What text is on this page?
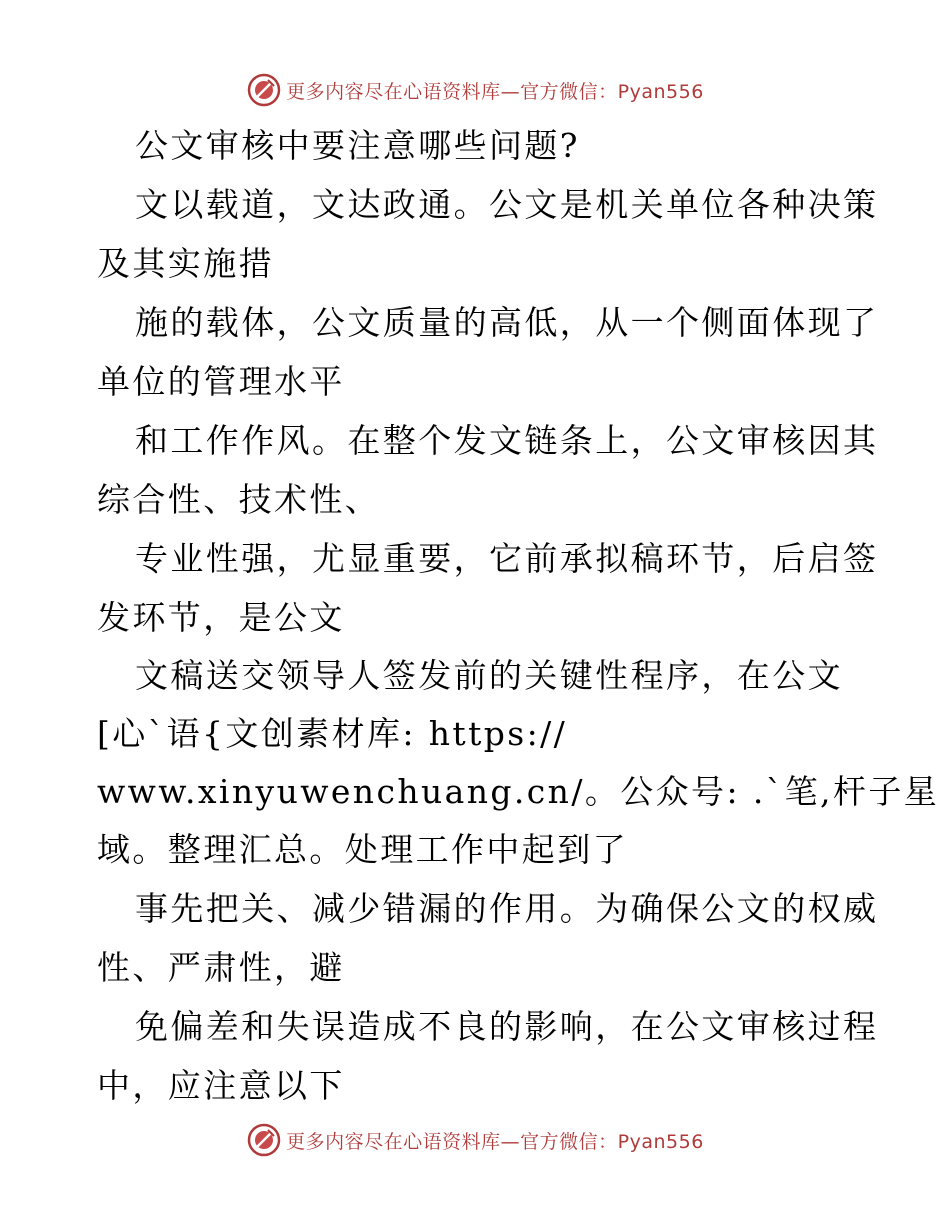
更多内容尽在心语资料库—官方微信：Pyan556
公文审核中要注意哪些问题?
文以载道，文达政通。公文是机关单位各种决策
及其实施措
施的载体，公文质量的高低，从一个侧面体现了
单位的管理水平
和工作作风。在整个发文链条上，公文审核因其
综合性、技术性、
专业性强，尤显重要，它前承拟稿环节，后启签
发环节，是公文
文稿送交领导人签发前的关键性程序，在公文
[心`语{文创素材库: https://
www.xinyuwenchuang.cn/。公众号: .`笔,杆子星
域。整理汇总。处理工作中起到了
事先把关、减少错漏的作用。为确保公文的权威
性、严肃性，避
免偏差和失误造成不良的影响，在公文审核过程
中，应注意以下
更多内容尽在心语资料库—官方微信：Pyan556
